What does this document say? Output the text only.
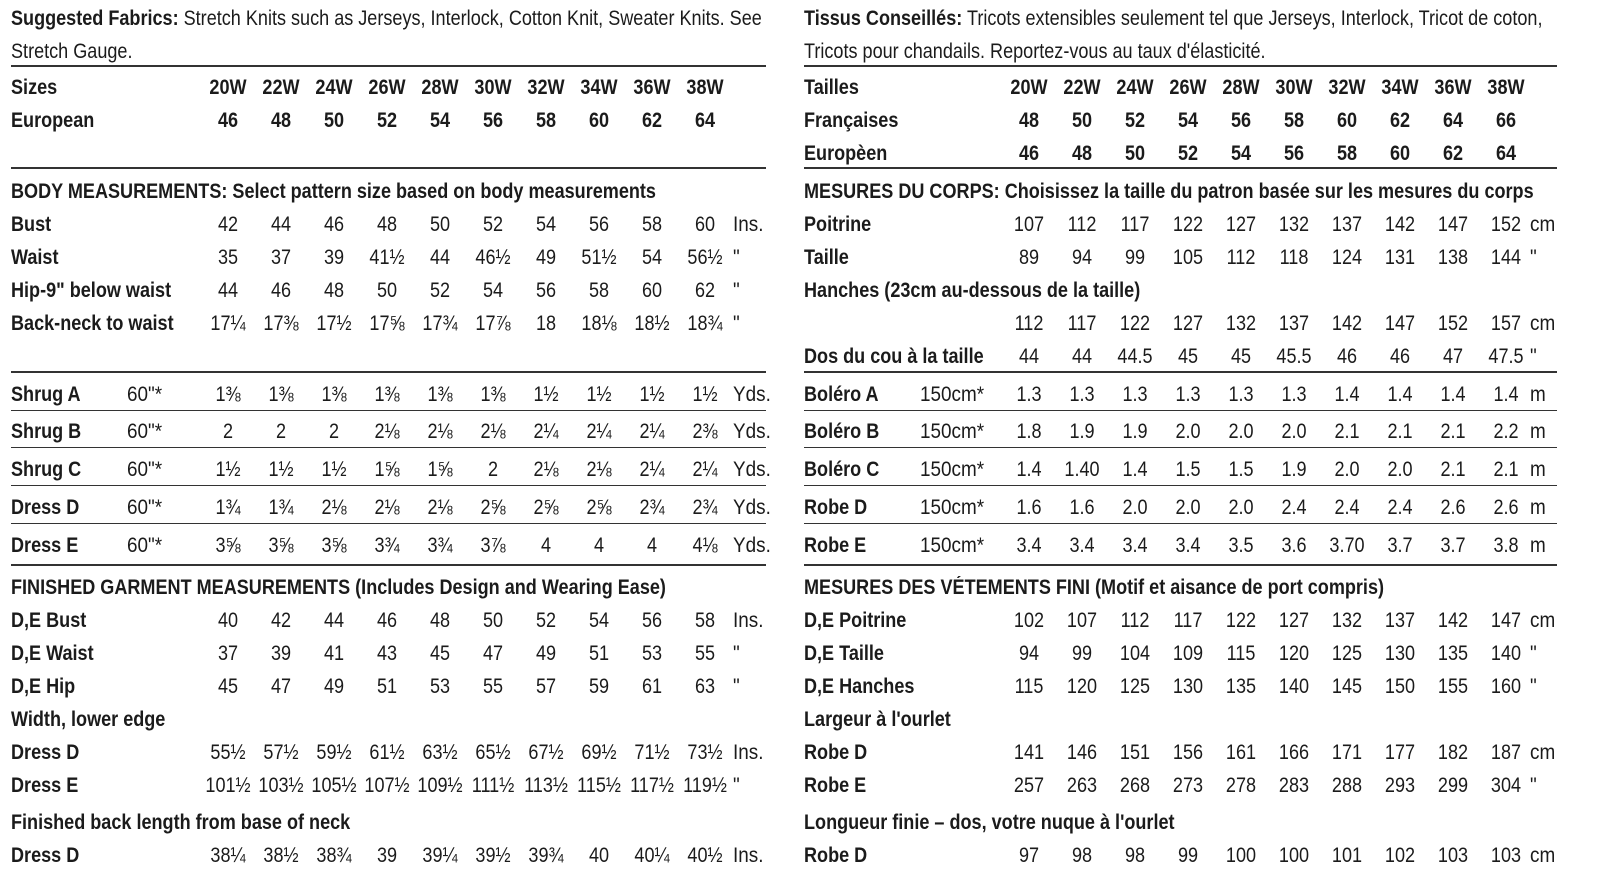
Suggested Fabrics: Stretch Knits such as Jerseys, Interlock, Cotton Knit, Sweater Knits. See
Stretch Gauge.
Sizes	20W 22W 24W 26W 28W 30W 32W 34W 36W 38W
European	46 48 50 52 54 56 58 60 62 64
BODY MEASUREMENTS: Select pattern size based on body measurements
Bust	42 44 46 48 50 52 54 56 58 60 Ins.
Waist	35 37 39 41½ 44 46½ 49 51½ 54 56½ "
Hip-9" below waist 44 46 48 50 52 54 56 58 60 62 "
Back-neck to waist 17¼ 17⅜ 17½ 17⅝ 17¾ 17⅞ 18 18⅛ 18½ 18¾ "
Shrug A 60"*	1⅜ 1⅜ 1⅜ 1⅜ 1⅜ 1⅜ 1½ 1½ 1½ 1½ Yds.
Shrug B 60"*	2 2 2 2⅛ 2⅛ 2⅛ 2¼ 2¼ 2¼ 2⅜ Yds.
Shrug C 60"*	1½ 1½ 1½ 1⅝ 1⅝ 2 2⅛ 2⅛ 2¼ 2¼ Yds.
Dress D 60"*	1¾ 1¾ 2⅛ 2⅛ 2⅛ 2⅝ 2⅝ 2⅝ 2¾ 2¾ Yds.
Dress E 60"*	3⅝ 3⅝ 3⅝ 3¾ 3¾ 3⅞ 4 4 4 4⅛ Yds.
FINISHED GARMENT MEASUREMENTS (Includes Design and Wearing Ease)
D,E Bust	40 42 44 46 48 50 52 54 56 58 Ins.
D,E Waist	37 39 41 43 45 47 49 51 53 55 "
D,E Hip	45 47 49 51 53 55 57 59 61 63 "
Width, lower edge
Dress D	55½ 57½ 59½ 61½ 63½ 65½ 67½ 69½ 71½ 73½ Ins.
Dress E	101½ 103½ 105½ 107½ 109½ 111½ 113½ 115½ 117½ 119½ "
Finished back length from base of neck
Dress D	38¼ 38½ 38¾ 39 39¼ 39½ 39¾ 40 40¼ 40½ Ins.
Tissus Conseillés: Tricots extensibles seulement tel que Jerseys, Interlock, Tricot de coton,
Tricots pour chandails. Reportez-vous au taux d'élasticité.
Tailles	20W 22W 24W 26W 28W 30W 32W 34W 36W 38W
Françaises	48 50 52 54 56 58 60 62 64 66
Europèen	46 48 50 52 54 56 58 60 62 64
MESURES DU CORPS: Choisissez la taille du patron basée sur les mesures du corps
Poitrine	107 112 117 122 127 132 137 142 147 152 cm
Taille	89 94 99 105 112 118 124 131 138 144 "
Hanches (23cm au-dessous de la taille)
112 117 122 127 132 137 142 147 152 157 cm
Dos du cou à la taille 44 44 44.5 45 45 45.5 46 46 47 47.5 "
Boléro A 150cm* 1.3 1.3 1.3 1.3 1.3 1.3 1.4 1.4 1.4 1.4 m
Boléro B 150cm* 1.8 1.9 1.9 2.0 2.0 2.0 2.1 2.1 2.1 2.2 m
Boléro C 150cm* 1.4 1.40 1.4 1.5 1.5 1.9 2.0 2.0 2.1 2.1 m
Robe D	150cm* 1.6 1.6 2.0 2.0 2.0 2.4 2.4 2.4 2.6 2.6 m
Robe E	150cm* 3.4 3.4 3.4 3.4 3.5 3.6 3.70 3.7 3.7 3.8 m
MESURES DES VÉTEMENTS FINI (Motif et aisance de port compris)
D,E Poitrine	102 107 112 117 122 127 132 137 142 147 cm
D,E Taille	94 99 104 109 115 120 125 130 135 140 "
D,E Hanches	115 120 125 130 135 140 145 150 155 160 "
Largeur à l'ourlet
Robe D	141 146 151 156 161 166 171 177 182 187 cm
Robe E	257 263 268 273 278 283 288 293 299 304 "
Longueur finie – dos, votre nuque à l'ourlet
Robe D	97 98 98 99 100 100 101 102 103 103 cm
